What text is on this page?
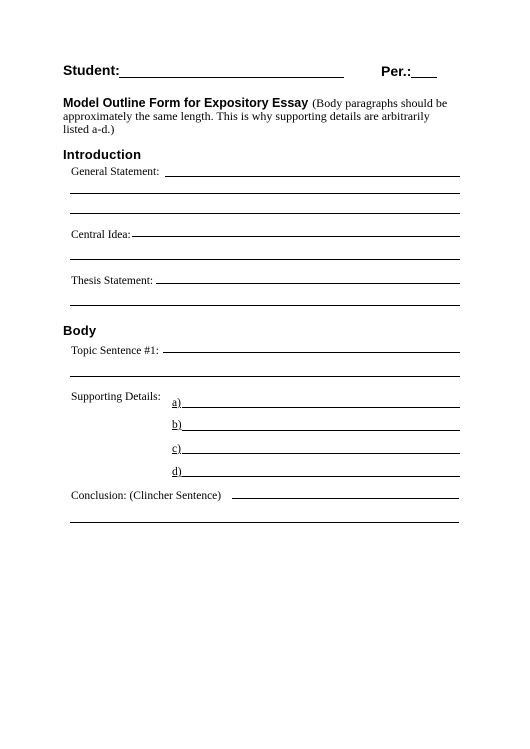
Student:	Per.:
Model Outline Form for Expository Essay (Body paragraphs should be
approximately the same length. This is why supporting details are arbitrarily
listed a-d.)
Introduction
General Statement:
Central Idea:
Thesis Statement:
Body
Topic Sentence #1:
Supporting Details: a)
b)
c)
d)
Conclusion: (Clincher Sentence)
